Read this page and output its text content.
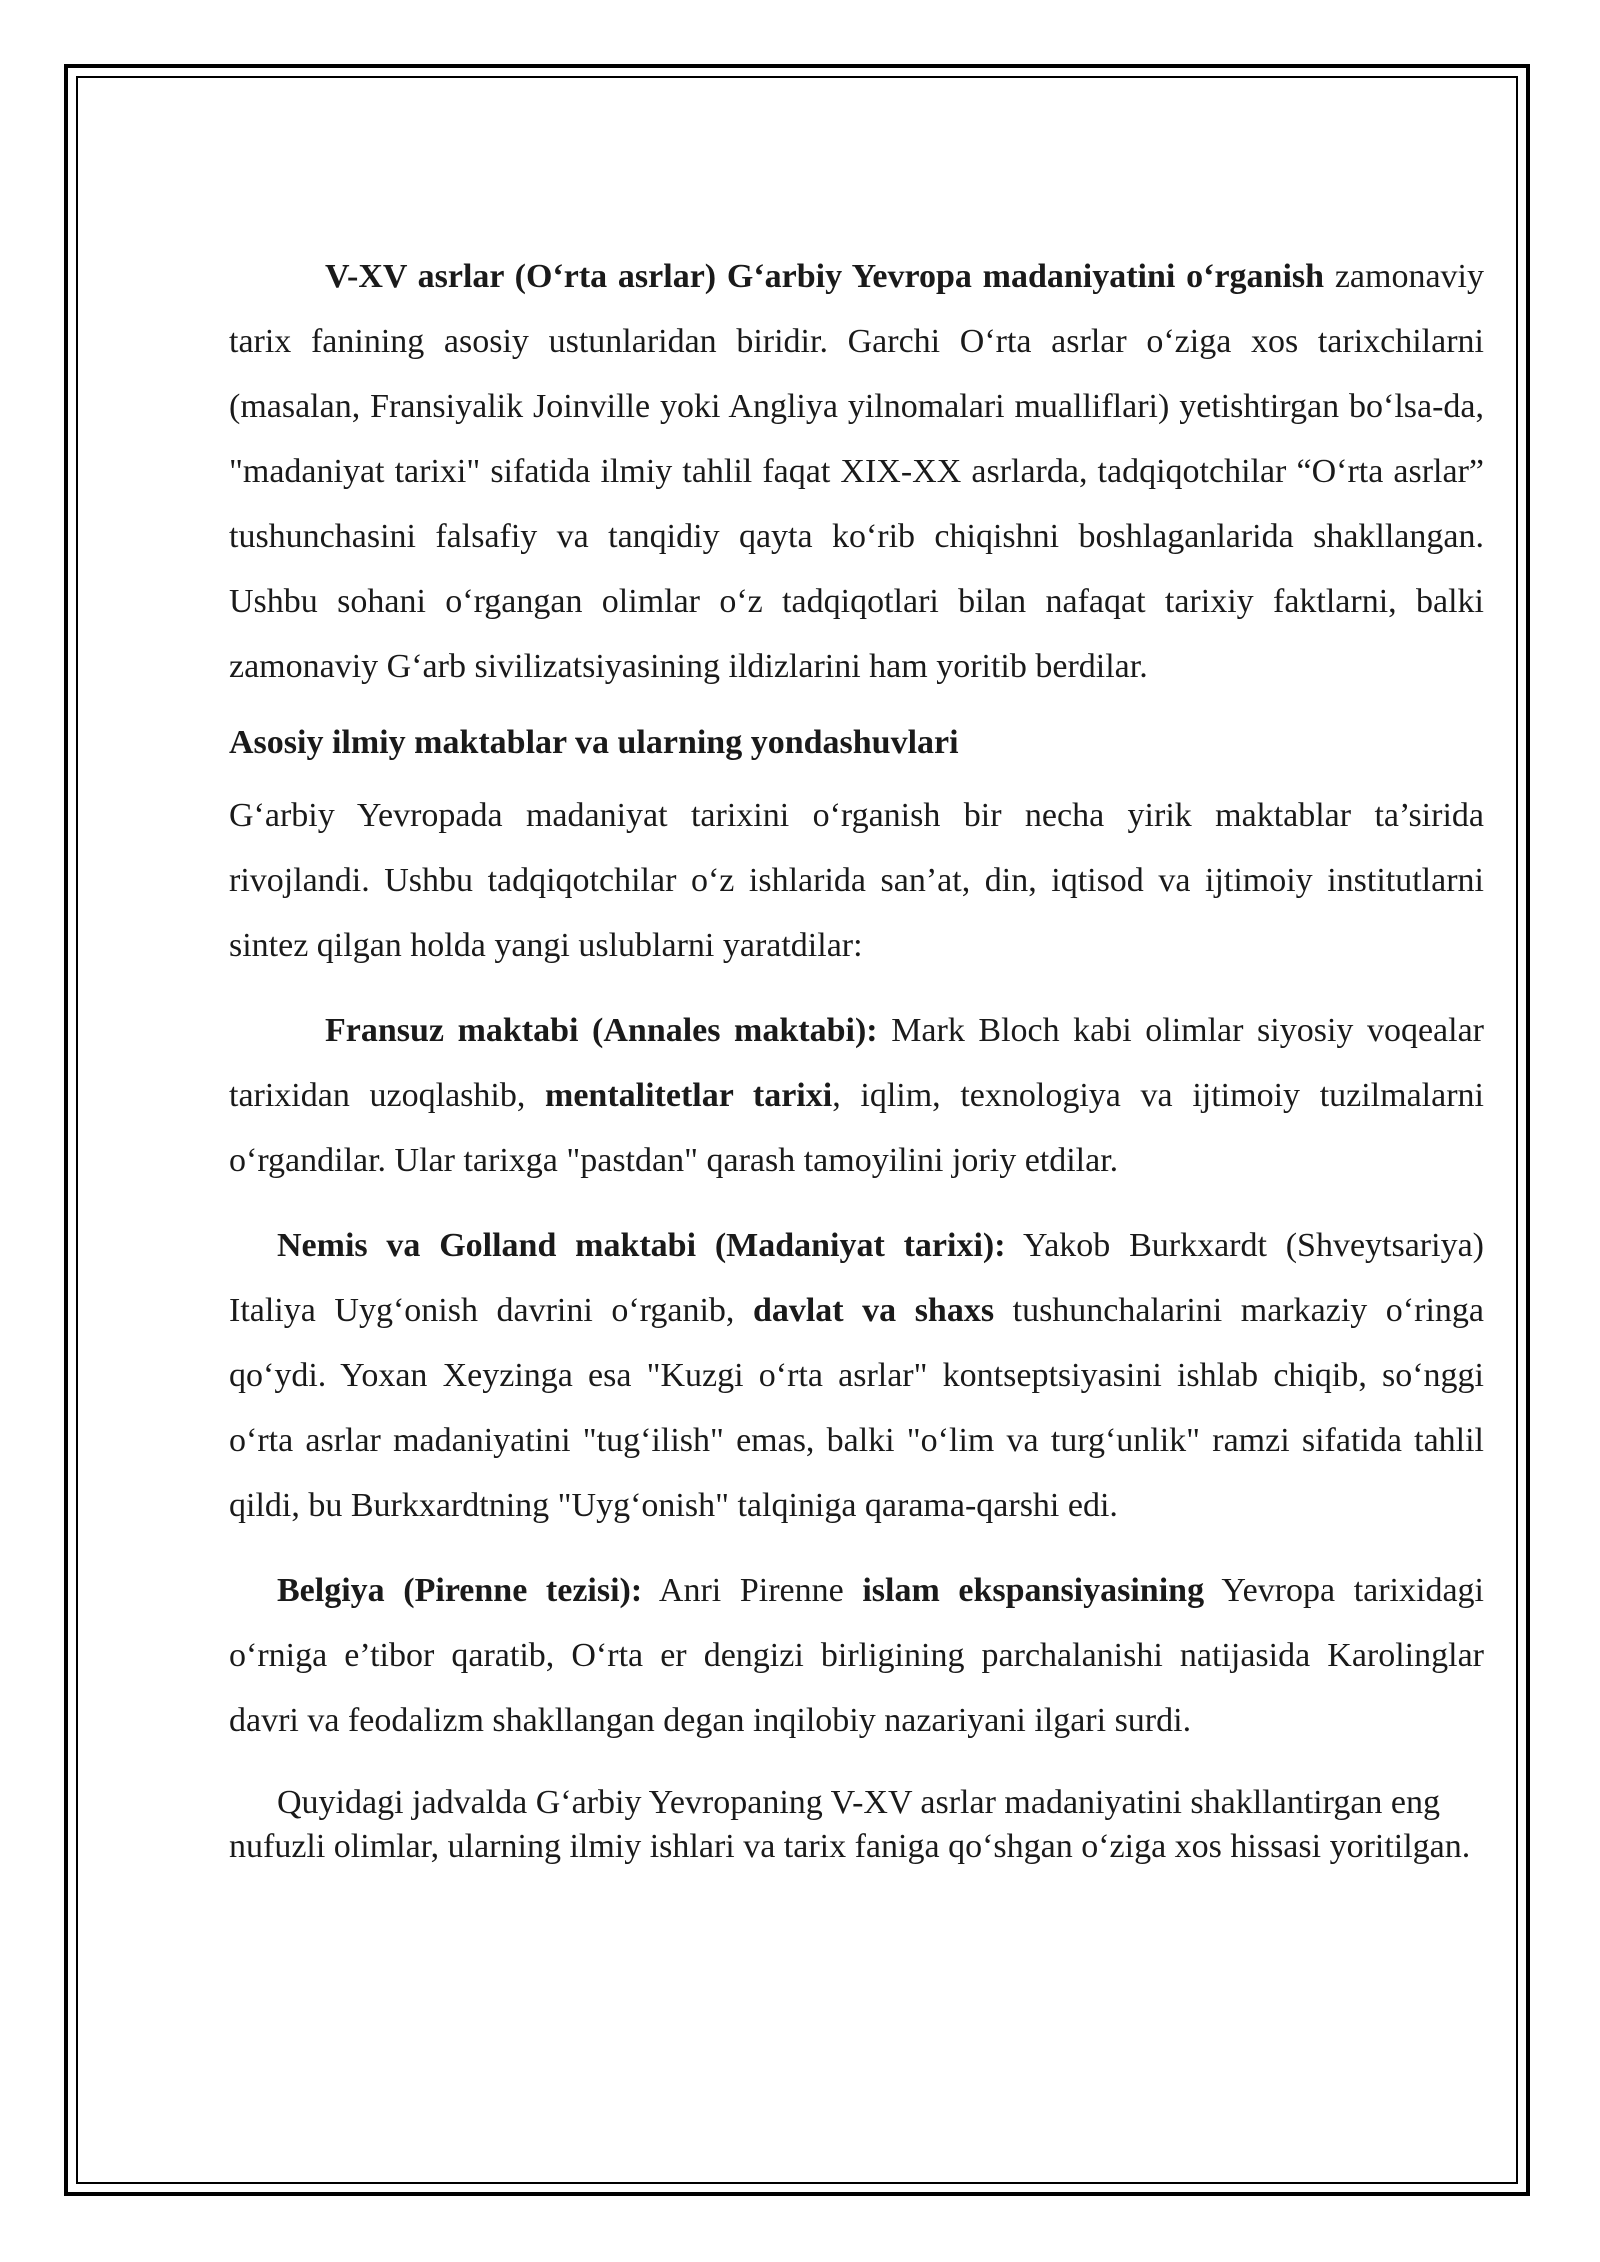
V-XV asrlar (O‘rta asrlar) G‘arbiy Yevropa madaniyatini o‘rganish zamonaviy tarix fanining asosiy ustunlaridan biridir. Garchi O‘rta asrlar o‘ziga xos tarixchilarni (masalan, Fransiyalik Joinville yoki Angliya yilnomalari mualliflari) yetishtirgan bo‘lsa-da, "madaniyat tarixi" sifatida ilmiy tahlil faqat XIX-XX asrlarda, tadqiqotchilar “O‘rta asrlar” tushunchasini falsafiy va tanqidiy qayta ko‘rib chiqishni boshlaganlarida shakllangan. Ushbu sohani o‘rgangan olimlar o‘z tadqiqotlari bilan nafaqat tarixiy faktlarni, balki zamonaviy G‘arb sivilizatsiyasining ildizlarini ham yoritib berdilar.

Asosiy ilmiy maktablar va ularning yondashuvlari

G‘arbiy Yevropada madaniyat tarixini o‘rganish bir necha yirik maktablar ta’sirida rivojlandi. Ushbu tadqiqotchilar o‘z ishlarida san’at, din, iqtisod va ijtimoiy institutlarni sintez qilgan holda yangi uslublarni yaratdilar:

Fransuz maktabi (Annales maktabi): Mark Bloch kabi olimlar siyosiy voqealar tarixidan uzoqlashib, mentalitetlar tarixi, iqlim, texnologiya va ijtimoiy tuzilmalarni o‘rgandilar. Ular tarixga "pastdan" qarash tamoyilini joriy etdilar.

Nemis va Golland maktabi (Madaniyat tarixi): Yakob Burkxardt (Shveytsariya) Italiya Uyg‘onish davrini o‘rganib, davlat va shaxs tushunchalarini markaziy o‘ringa qo‘ydi. Yoxan Xeyzinga esa "Kuzgi o‘rta asrlar" kontseptsiyasini ishlab chiqib, so‘nggi o‘rta asrlar madaniyatini "tug‘ilish" emas, balki "o‘lim va turg‘unlik" ramzi sifatida tahlil qildi, bu Burkxardtning "Uyg‘onish" talqiniga qarama-qarshi edi.

Belgiya (Pirenne tezisi): Anri Pirenne islam ekspansiyasining Yevropa tarixidagi o‘rniga e’tibor qaratib, O‘rta er dengizi birligining parchalanishi natijasida Karolinglar davri va feodalizm shakllangan degan inqilobiy nazariyani ilgari surdi.

Quyidagi jadvalda G‘arbiy Yevropaning V-XV asrlar madaniyatini shakllantirgan eng nufuzli olimlar, ularning ilmiy ishlari va tarix faniga qo‘shgan o‘ziga xos hissasi yoritilgan.
